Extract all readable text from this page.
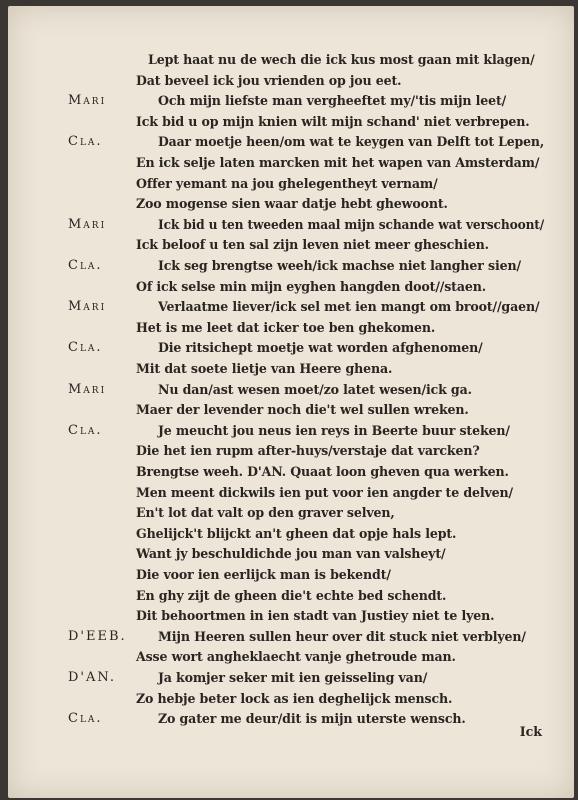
Lept haat nu de wech die ick kus most gaan mit klagen/
Dat beveel ick jou vrienden op jou eet.
Mari	Och mijn liefste man vergheeftet my/'tis mijn leet/
Ick bid u op mijn knien wilt mijn schand' niet verbrepen.
Cla.	Daar moetje heen/om wat te keygen van Delft tot Lepen,
En ick selje laten marcken mit het wapen van Amsterdam/
Offer yemant na jou ghelegentheyt vernam/
Zoo mogense sien waar datje hebt ghewoont.
Mari	Ick bid u ten tweeden maal mijn schande wat verschoont/
Ick beloof u ten sal zijn leven niet meer gheschien.
Cla.	Ick seg brengtse weeh/ick machse niet langher sien/
Of ick selse min mijn eyghen hangden doot//staen.
Mari	Verlaatme liever/ick sel met ien mangt om broot//gaen/
Het is me leet dat icker toe ben ghekomen.
Cla.	Die ritsichept moetje wat worden afghenomen/
Mit dat soete lietje van Heere ghena.
Mari	Nu dan/ast wesen moet/zo latet wesen/ick ga.
Maer der levender noch die't wel sullen wreken.
Cla.	Je meucht jou neus ien reys in Beerte buur steken/
Die het ien rupm after-huys/verstaje dat varcken?
Brengtse weeh. D'AN. Quaat loon gheven qua werken.
Men meent dickwils ien put voor ien angder te delven/
En't lot dat valt op den graver selven,
Ghelijck't blijckt an't gheen dat opje hals lept.
Want jy beschuldichde jou man van valsheyt/
Die voor ien eerlijck man is bekendt/
En ghy zijt de gheen die't echte bed schendt.
Dit behoortmen in ien stadt van Justiey niet te lyen.
D'EEB. Mijn Heeren sullen heur over dit stuck niet verblyen/
Asse wort angheklaecht vanje ghetroude man.
D'AN.	Ja komjer seker mit ien geisseling van/
Zo hebje beter lock as ien deghelijck mensch.
Cla.	Zo gater me deur/dit is mijn uterste wensch.
Ick
